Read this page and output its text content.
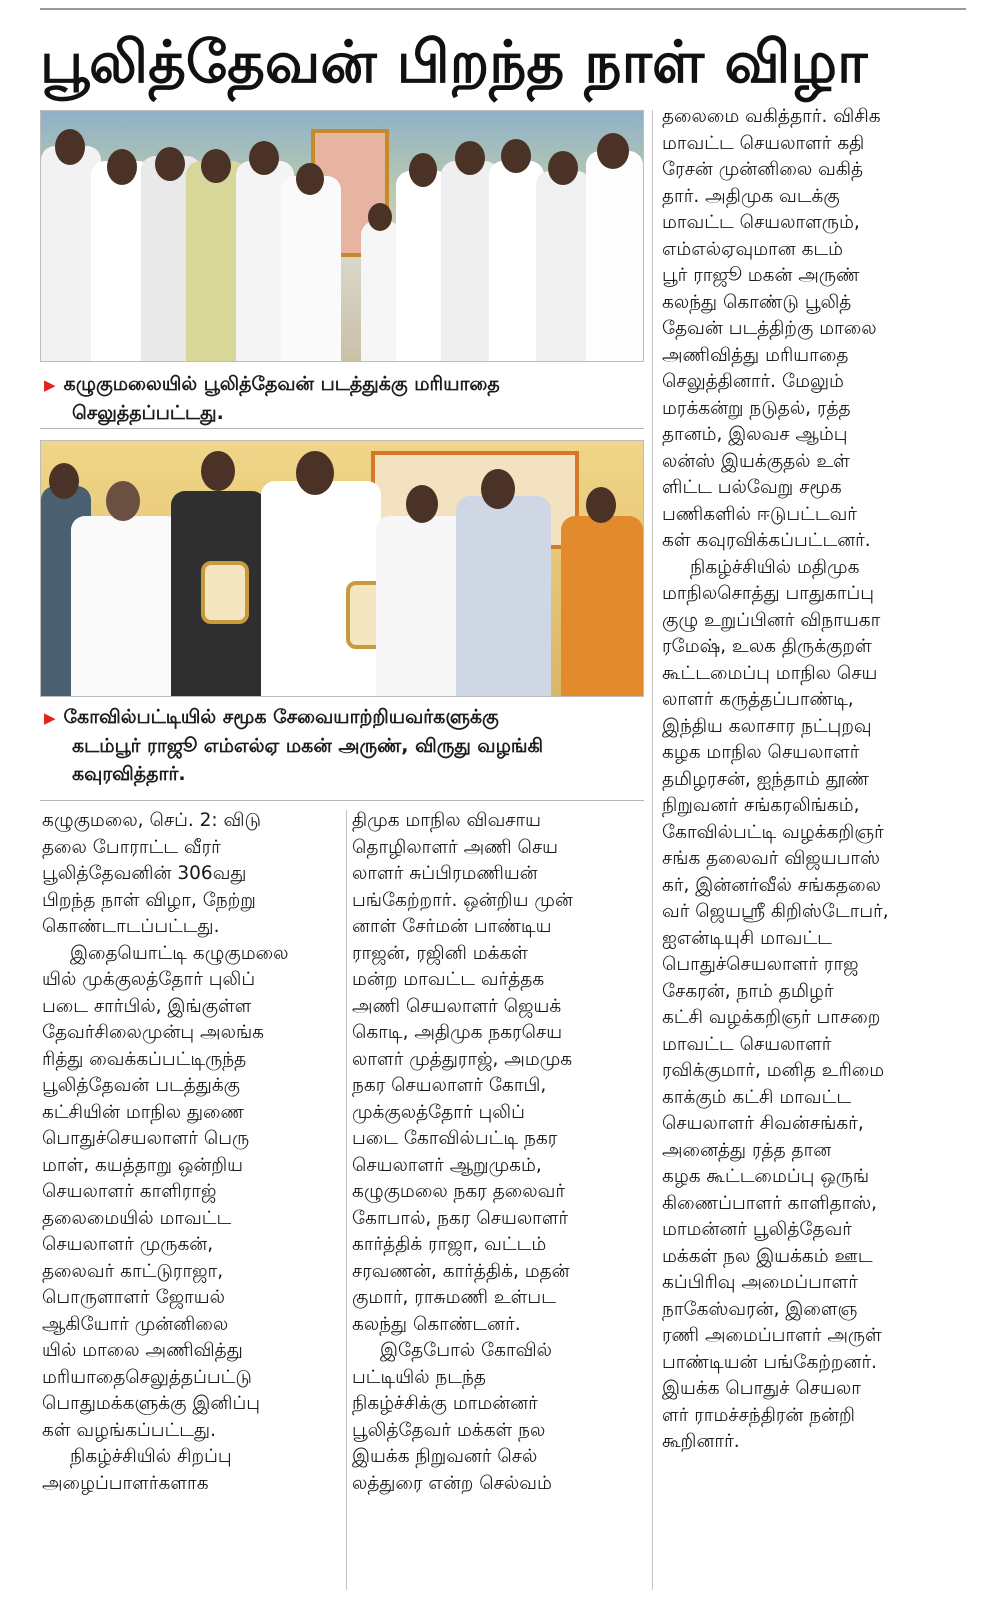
பூலித்தேவன் பிறந்த நாள் விழா
▶ கழுகுமலையில் பூலித்தேவன் படத்துக்கு மரியாதை
செலுத்தப்பட்டது.
▶ கோவில்பட்டியில் சமூக சேவையாற்றியவர்களுக்கு
கடம்பூர் ராஜூ எம்எல்ஏ மகன் அருண், விருது வழங்கி
கவுரவித்தார்.
கழுகுமலை, செப். 2: விடு
தலை போராட்ட வீரர்
பூலித்தேவனின் 306வது
பிறந்த நாள் விழா, நேற்று
கொண்டாடப்பட்டது.
இதையொட்டி கழுகுமலை
யில் முக்குலத்தோர் புலிப்
படை சார்பில், இங்குள்ள
தேவர்சிலைமுன்பு அலங்க
ரித்து வைக்கப்பட்டிருந்த
பூலித்தேவன் படத்துக்கு
கட்சியின் மாநில துணை
பொதுச்செயலாளர் பெரு
மாள், கயத்தாறு ஒன்றிய
செயலாளர் காளிராஜ்
தலைமையில் மாவட்ட
செயலாளர் முருகன்,
தலைவர் காட்டுராஜா,
பொருளாளர் ஜோயல்
ஆகியோர் முன்னிலை
யில் மாலை அணிவித்து
மரியாதைசெலுத்தப்பட்டு
பொதுமக்களுக்கு இனிப்பு
கள் வழங்கப்பட்டது.
நிகழ்ச்சியில் சிறப்பு
அழைப்பாளர்களாக
திமுக மாநில விவசாய
தொழிலாளர் அணி செய
லாளர் சுப்பிரமணியன்
பங்கேற்றார். ஒன்றிய முன்
னாள் சேர்மன் பாண்டிய
ராஜன், ரஜினி மக்கள்
மன்ற மாவட்ட வர்த்தக
அணி செயலாளர் ஜெயக்
கொடி, அதிமுக நகரசெய
லாளர் முத்துராஜ், அமமுக
நகர செயலாளர் கோபி,
முக்குலத்தோர் புலிப்
படை கோவில்பட்டி நகர
செயலாளர் ஆறுமுகம்,
கழுகுமலை நகர தலைவர்
கோபால், நகர செயலாளர்
கார்த்திக் ராஜா, வட்டம்
சரவணன், கார்த்திக், மதன்
குமார், ராசுமணி உள்பட
கலந்து கொண்டனர்.
இதேபோல் கோவில்
பட்டியில் நடந்த
நிகழ்ச்சிக்கு மாமன்னர்
பூலித்தேவர் மக்கள் நல
இயக்க நிறுவனர் செல்
லத்துரை என்ற செல்வம்
தலைமை வகித்தார். விசிக
மாவட்ட செயலாளர் கதி
ரேசன் முன்னிலை வகித்
தார். அதிமுக வடக்கு
மாவட்ட செயலாளரும்,
எம்எல்ஏவுமான கடம்
பூர் ராஜூ மகன் அருண்
கலந்து கொண்டு பூலித்
தேவன் படத்திற்கு மாலை
அணிவித்து மரியாதை
செலுத்தினார். மேலும்
மரக்கன்று நடுதல், ரத்த
தானம், இலவச ஆம்பு
லன்ஸ் இயக்குதல் உள்
ளிட்ட பல்வேறு சமூக
பணிகளில் ஈடுபட்டவர்
கள் கவுரவிக்கப்பட்டனர்.
நிகழ்ச்சியில் மதிமுக
மாநிலசொத்து பாதுகாப்பு
குழு உறுப்பினர் விநாயகா
ரமேஷ், உலக திருக்குறள்
கூட்டமைப்பு மாநில செய
லாளர் கருத்தப்பாண்டி,
இந்திய கலாசார நட்புறவு
கழக மாநில செயலாளர்
தமிழரசன், ஐந்தாம் தூண்
நிறுவனர் சங்கரலிங்கம்,
கோவில்பட்டி வழக்கறிஞர்
சங்க தலைவர் விஜயபாஸ்
கர், இன்னர்வீல் சங்கதலை
வர் ஜெயஸ்ரீ கிறிஸ்டோபர்,
ஐஎன்டியுசி மாவட்ட
பொதுச்செயலாளர் ராஜ
சேகரன், நாம் தமிழர்
கட்சி வழக்கறிஞர் பாசறை
மாவட்ட செயலாளர்
ரவிக்குமார், மனித உரிமை
காக்கும் கட்சி மாவட்ட
செயலாளர் சிவன்சங்கர்,
அனைத்து ரத்த தான
கழக கூட்டமைப்பு ஒருங்
கிணைப்பாளர் காளிதாஸ்,
மாமன்னர் பூலித்தேவர்
மக்கள் நல இயக்கம் ஊட
கப்பிரிவு அமைப்பாளர்
நாகேஸ்வரன், இளைஞ
ரணி அமைப்பாளர் அருள்
பாண்டியன் பங்கேற்றனர்.
இயக்க பொதுச் செயலா
ளர் ராமச்சந்திரன் நன்றி
கூறினார்.
